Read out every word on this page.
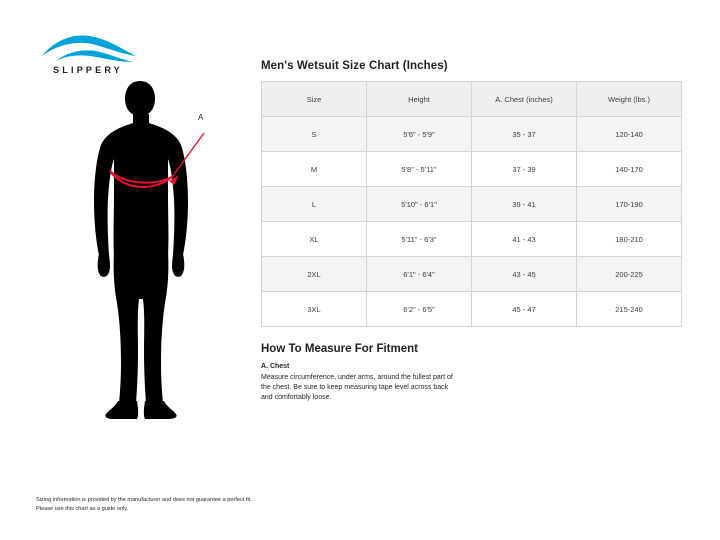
SLIPPERY
A
Men's Wetsuit Size Chart (Inches)
Size	Height	A. Chest (inches)	Weight (lbs.)
S	5'6" - 5'9"	35 - 37	120-140
M	5'8" - 5'11"	37 - 39	140-170
L	5'10" - 6'1"	39 - 41	170-190
XL	5'11" - 6'3"	41 - 43	180-210
2XL	6'1" - 6'4"	43 - 45	200-225
3XL	6'2" - 6'5"	45 - 47	215-240
How To Measure For Fitment
A. Chest
Measure circumference, under arms, around the fullest part of the chest. Be sure to keep measuring tape level across back and comfortably loose.
Sizing information is provided by the manufacturer and does not guarantee a perfect fit.
Please use this chart as a guide only.
